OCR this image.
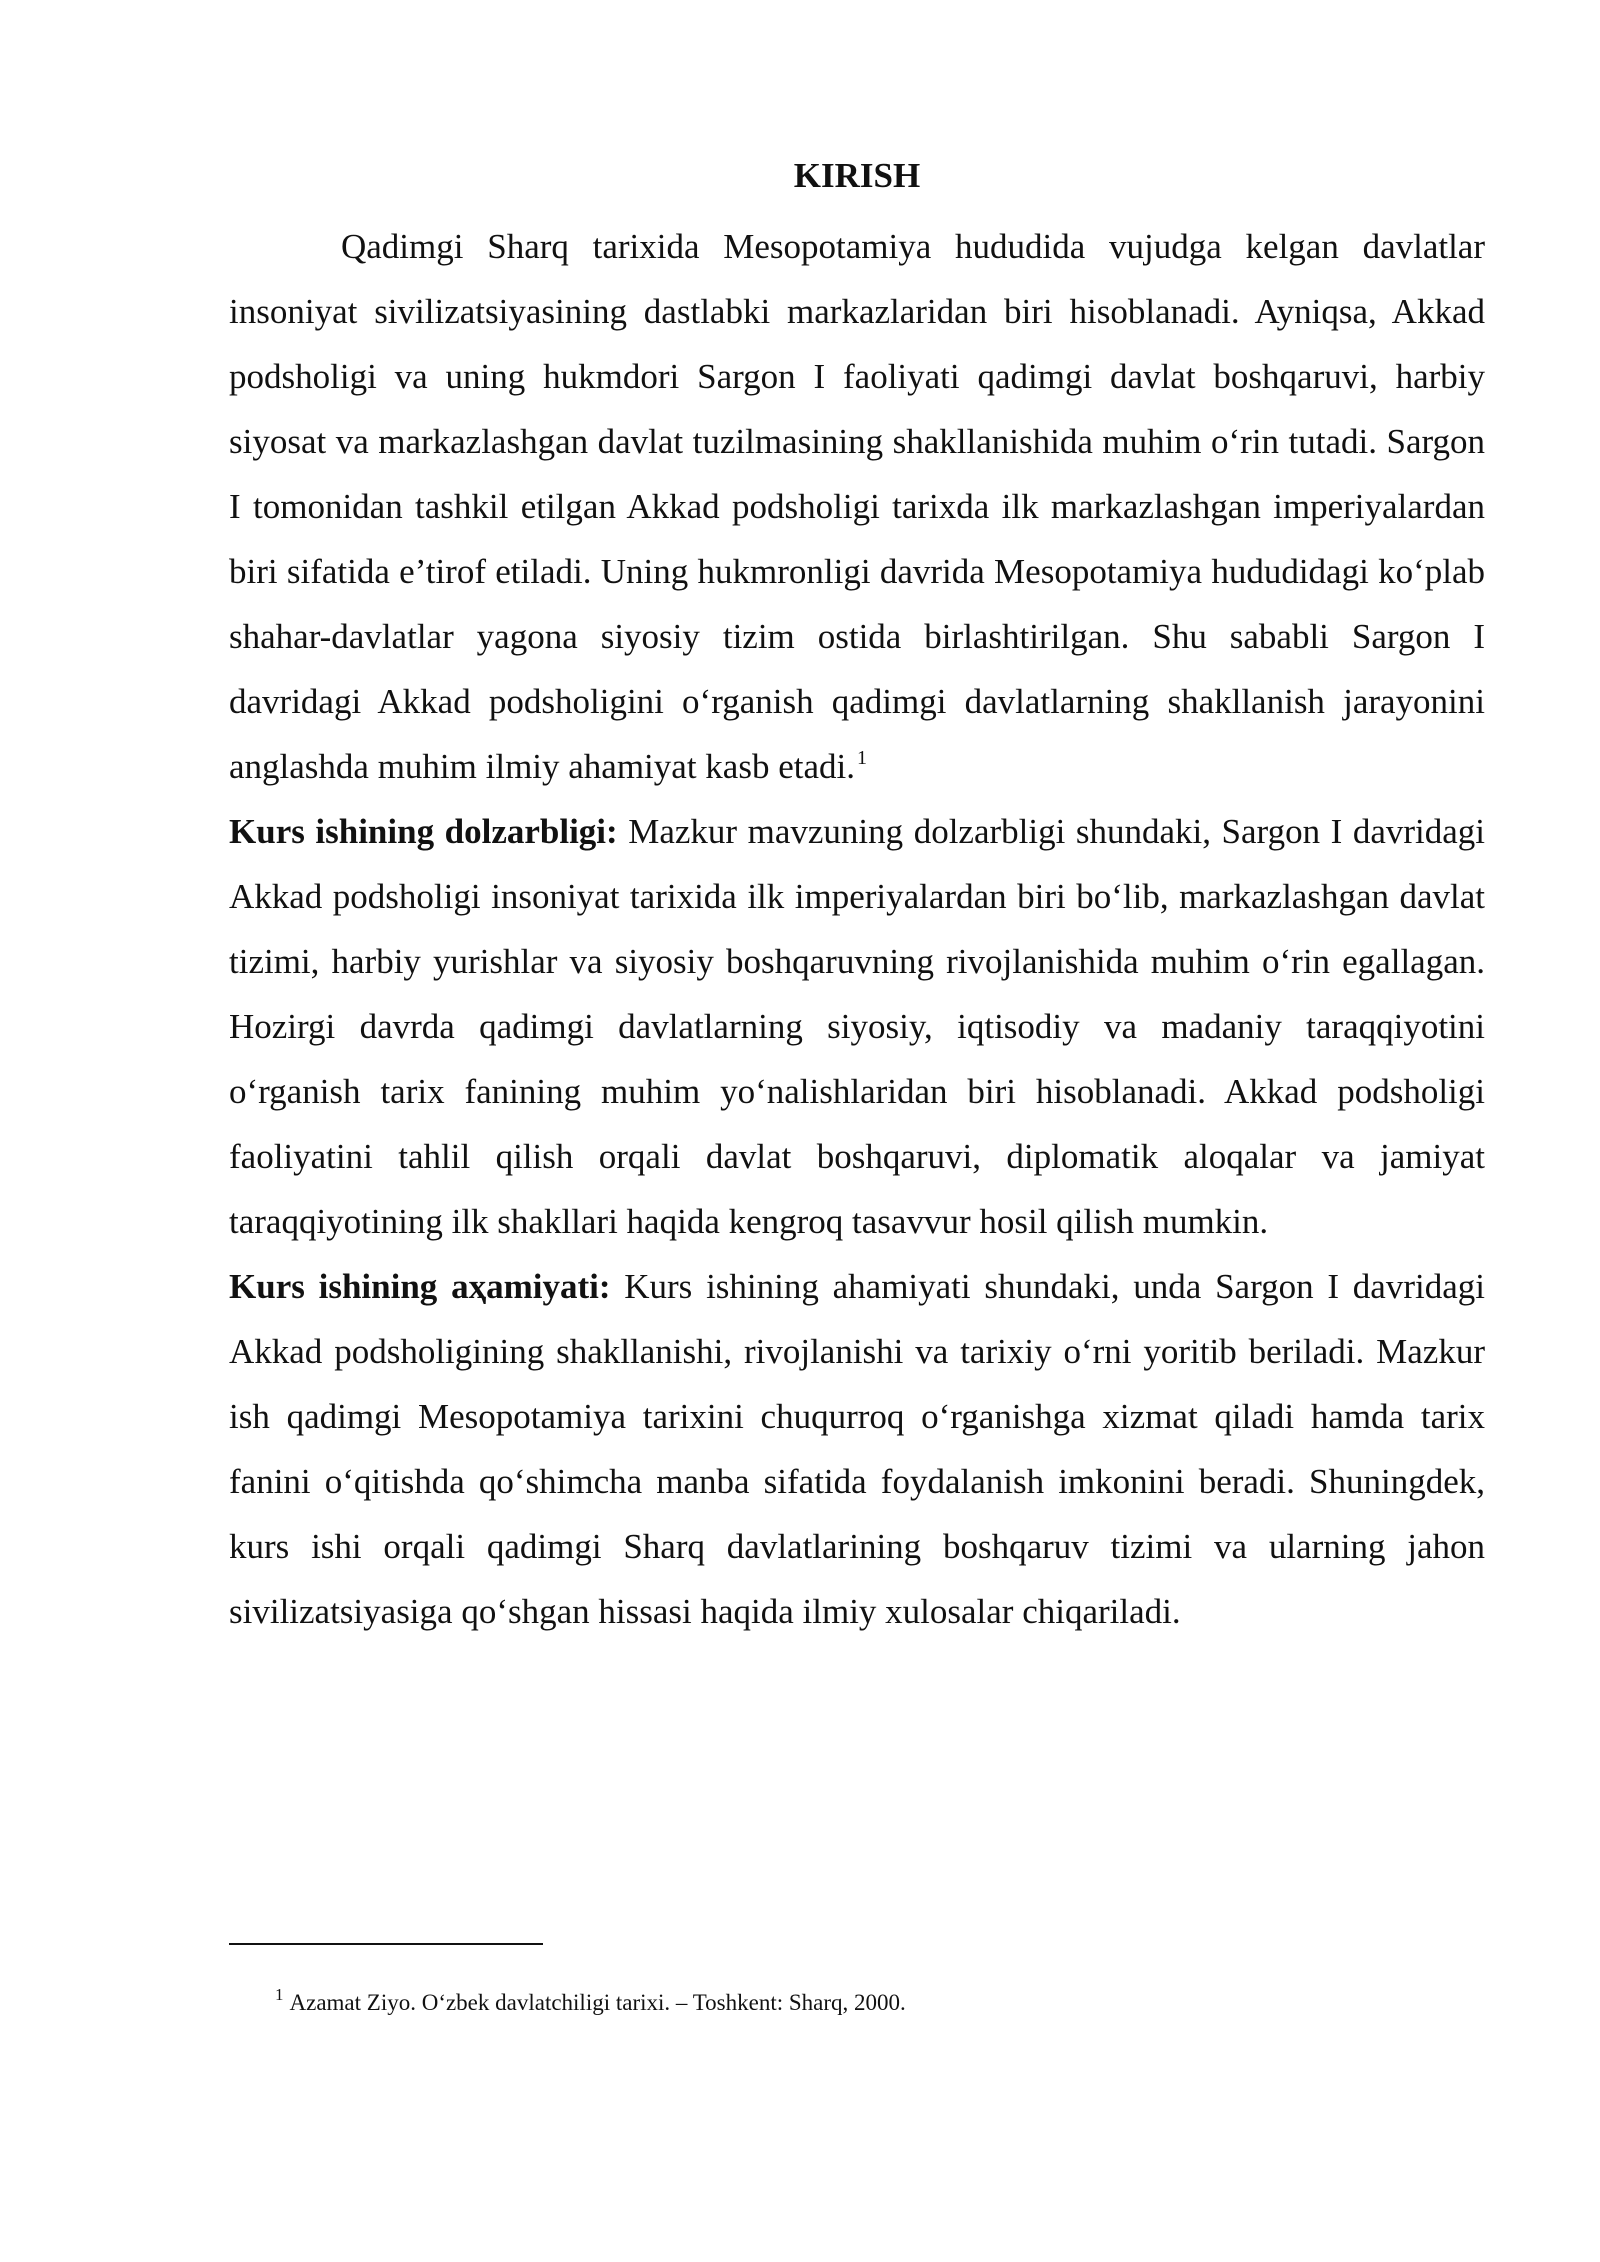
KIRISH

Qadimgi Sharq tarixida Mesopotamiya hududida vujudga kelgan davlatlar insoniyat sivilizatsiyasining dastlabki markazlaridan biri hisoblanadi. Ayniqsa, Akkad podsholigi va uning hukmdori Sargon I faoliyati qadimgi davlat boshqaruvi, harbiy siyosat va markazlashgan davlat tuzilmasining shakllanishida muhim o‘rin tutadi. Sargon I tomonidan tashkil etilgan Akkad podsholigi tarixda ilk markazlashgan imperiyalardan biri sifatida e’tirof etiladi. Uning hukmronligi davrida Mesopotamiya hududidagi ko‘plab shahar-davlatlar yagona siyosiy tizim ostida birlashtirilgan. Shu sababli Sargon I davridagi Akkad podsholigini o‘rganish qadimgi davlatlarning shakllanish jarayonini anglashda muhim ilmiy ahamiyat kasb etadi. $^1$

Kurs ishining dolzarbligi: Mazkur mavzuning dolzarbligi shundaki, Sargon I davridagi Akkad podsholigi insoniyat tarixida ilk imperiyalardan biri bo‘lib, markazlashgan davlat tizimi, harbiy yurishlar va siyosiy boshqaruvning rivojlanishida muhim o‘rin egallagan. Hozirgi davrda qadimgi davlatlarning siyosiy, iqtisodiy va madaniy taraqqiyotini o‘rganish tarix fanining muhim yo‘nalishlaridan biri hisoblanadi. Akkad podsholigi faoliyatini tahlil qilish orqali davlat boshqaruvi, diplomatik aloqalar va jamiyat taraqqiyotining ilk shakllari haqida kengroq tasavvur hosil qilish mumkin.

Kurs ishining aҳamiyati: Kurs ishining ahamiyati shundaki, unda Sargon I davridagi Akkad podsholigining shakllanishi, rivojlanishi va tarixiy o‘rni yoritib beriladi. Mazkur ish qadimgi Mesopotamiya tarixini chuqurroq o‘rganishga xizmat qiladi hamda tarix fanini o‘qitishda qo‘shimcha manba sifatida foydalanish imkonini beradi. Shuningdek, kurs ishi orqali qadimgi Sharq davlatlarining boshqaruv tizimi va ularning jahon sivilizatsiyasiga qo‘shgan hissasi haqida ilmiy xulosalar chiqariladi.

$^1$ Azamat Ziyo. O‘zbek davlatchiligi tarixi. – Toshkent: Sharq, 2000.
